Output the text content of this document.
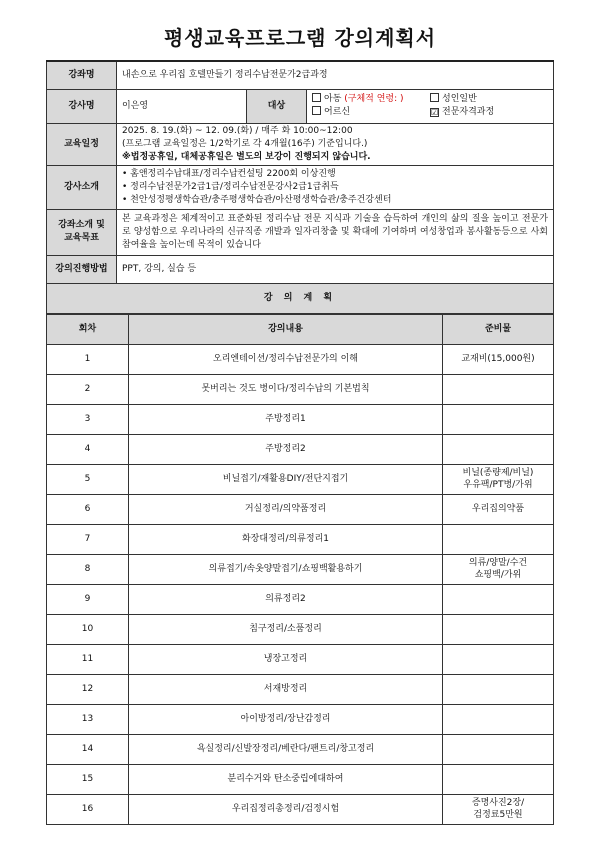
평생교육프로그램 강의계획서
강좌명	내손으로 우리집 호텔만들기 정리수납전문가2급과정		
강사명	이은영	대상	아동 (구체적 연령: ) 성인일반
어르신 ☑ 전문자격과정

교육일정	2025. 8. 19.(화) ~ 12. 09.(화) / 매주 화 10:00~12:00
(프로그램 교육일정은 1/2학기로 각 4개월(16주) 기준입니다.)
※법정공휴일, 대체공휴일은 별도의 보강이 진행되지 않습니다.		

강사소개	• 홈앤정리수납대표/정리수납컨설팅 2200회 이상진행
• 정리수납전문가2급1급/정리수납전문강사2급1급취득
• 천안성정평생학습관/충주평생학습관/아산평생학습관/충주건강센터		

강좌소개 및
교육목표	본 교육과정은 체계적이고 표준화된 정리수납 전문 지식과 기술을 습득하여 개인의 삶의 질을 높이고 전문가로 양성함으로 우리나라의 신규직종 개발과 일자리창출 및 확대에 기여하며 여성창업과 봉사활동등으로 사회 참여율을 높이는데 목적이 있습니다		
강의진행방법	PPT, 강의, 실습 등		
강 의 계 획			
회차	강의내용	준비물
1	오리엔테이션/정리수납전문가의 이해	교재비(15,000원)
2	못버리는 것도 병이다/정리수납의 기본법칙	
3	주방정리1	
4	주방정리2	
5	비닐접기/재활용DIY/전단지접기	비닐(종량제/비닐)
우유팩/PT병/가위
6	거실정리/의약품정리	우리집의약품
7	화장대정리/의류정리1	
8	의류접기/속옷양말접기/쇼핑백활용하기	의류/양말/수건
쇼핑백/가위
9	의류정리2	
10	침구정리/소품정리	
11	냉장고정리	
12	서재방정리	
13	아이방정리/장난감정리	
14	욕실정리/신발장정리/베란다/팬트리/창고정리	
15	분리수거와 탄소중립에대하여	
16	우리집정리총정리/검정시험	증명사진2장/
검정료5만원
